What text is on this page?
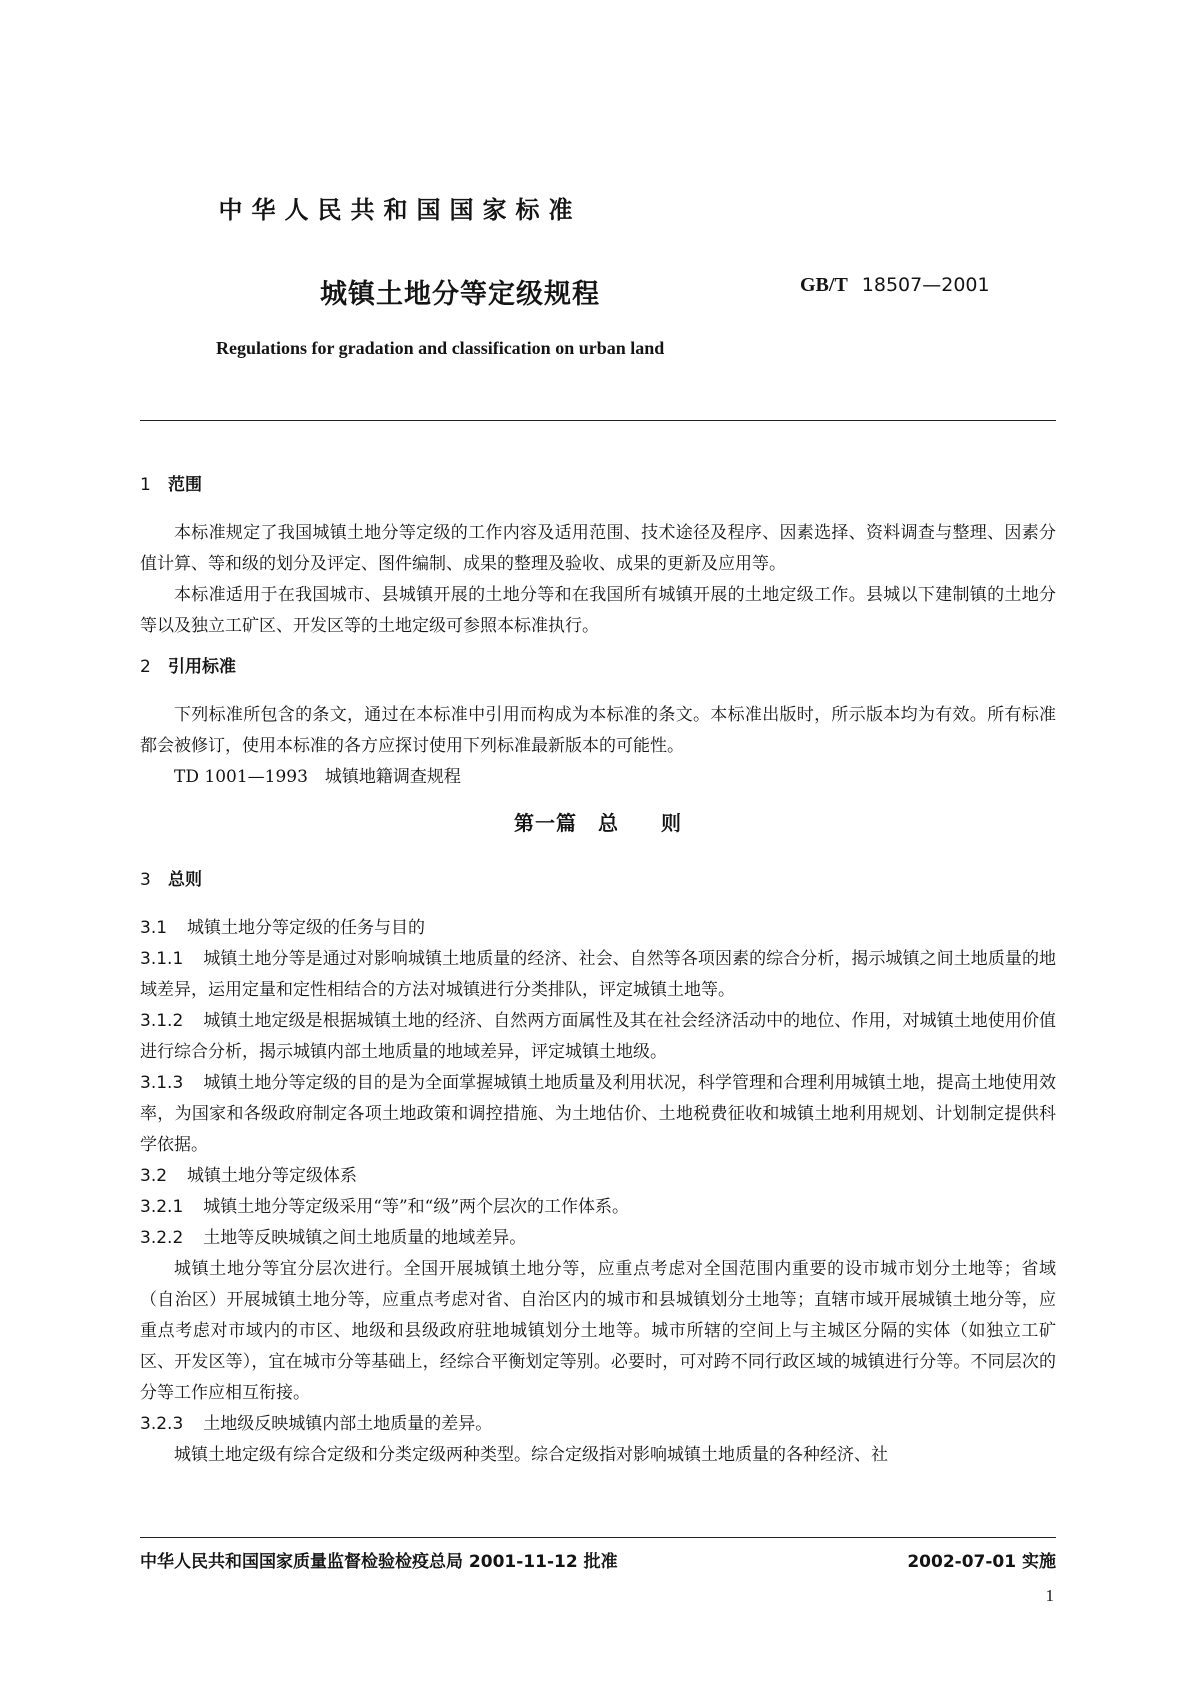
中华人民共和国国家标准
城镇土地分等定级规程	GB/T 18507—2001
Regulations for gradation and classification on urban land
1 范围

本标准规定了我国城镇土地分等定级的工作内容及适用范围、技术途径及程序、因素选择、资料调查与整理、因素分值计算、等和级的划分及评定、图件编制、成果的整理及验收、成果的更新及应用等。

本标准适用于在我国城市、县城镇开展的土地分等和在我国所有城镇开展的土地定级工作。县城以下建制镇的土地分等以及独立工矿区、开发区等的土地定级可参照本标准执行。

2 引用标准

下列标准所包含的条文，通过在本标准中引用而构成为本标准的条文。本标准出版时，所示版本均为有效。所有标准都会被修订，使用本标准的各方应探讨使用下列标准最新版本的可能性。

TD 1001—1993　城镇地籍调查规程

第一篇　总　　则
3 总则

3.1 城镇土地分等定级的任务与目的

3.1.1 城镇土地分等是通过对影响城镇土地质量的经济、社会、自然等各项因素的综合分析，揭示城镇之间土地质量的地域差异，运用定量和定性相结合的方法对城镇进行分类排队，评定城镇土地等。

3.1.2 城镇土地定级是根据城镇土地的经济、自然两方面属性及其在社会经济活动中的地位、作用，对城镇土地使用价值进行综合分析，揭示城镇内部土地质量的地域差异，评定城镇土地级。

3.1.3 城镇土地分等定级的目的是为全面掌握城镇土地质量及利用状况，科学管理和合理利用城镇土地，提高土地使用效率，为国家和各级政府制定各项土地政策和调控措施、为土地估价、土地税费征收和城镇土地利用规划、计划制定提供科学依据。

3.2 城镇土地分等定级体系

3.2.1 城镇土地分等定级采用“等”和“级”两个层次的工作体系。

3.2.2 土地等反映城镇之间土地质量的地域差异。

城镇土地分等宜分层次进行。全国开展城镇土地分等，应重点考虑对全国范围内重要的设市城市划分土地等；省域（自治区）开展城镇土地分等，应重点考虑对省、自治区内的城市和县城镇划分土地等；直辖市域开展城镇土地分等，应重点考虑对市域内的市区、地级和县级政府驻地城镇划分土地等。城市所辖的空间上与主城区分隔的实体（如独立工矿区、开发区等），宜在城市分等基础上，经综合平衡划定等别。必要时，可对跨不同行政区域的城镇进行分等。不同层次的分等工作应相互衔接。

3.2.3 土地级反映城镇内部土地质量的差异。

城镇土地定级有综合定级和分类定级两种类型。综合定级指对影响城镇土地质量的各种经济、社

中华人民共和国国家质量监督检验检疫总局 2001-11-12 批准	2002-07-01 实施
1
